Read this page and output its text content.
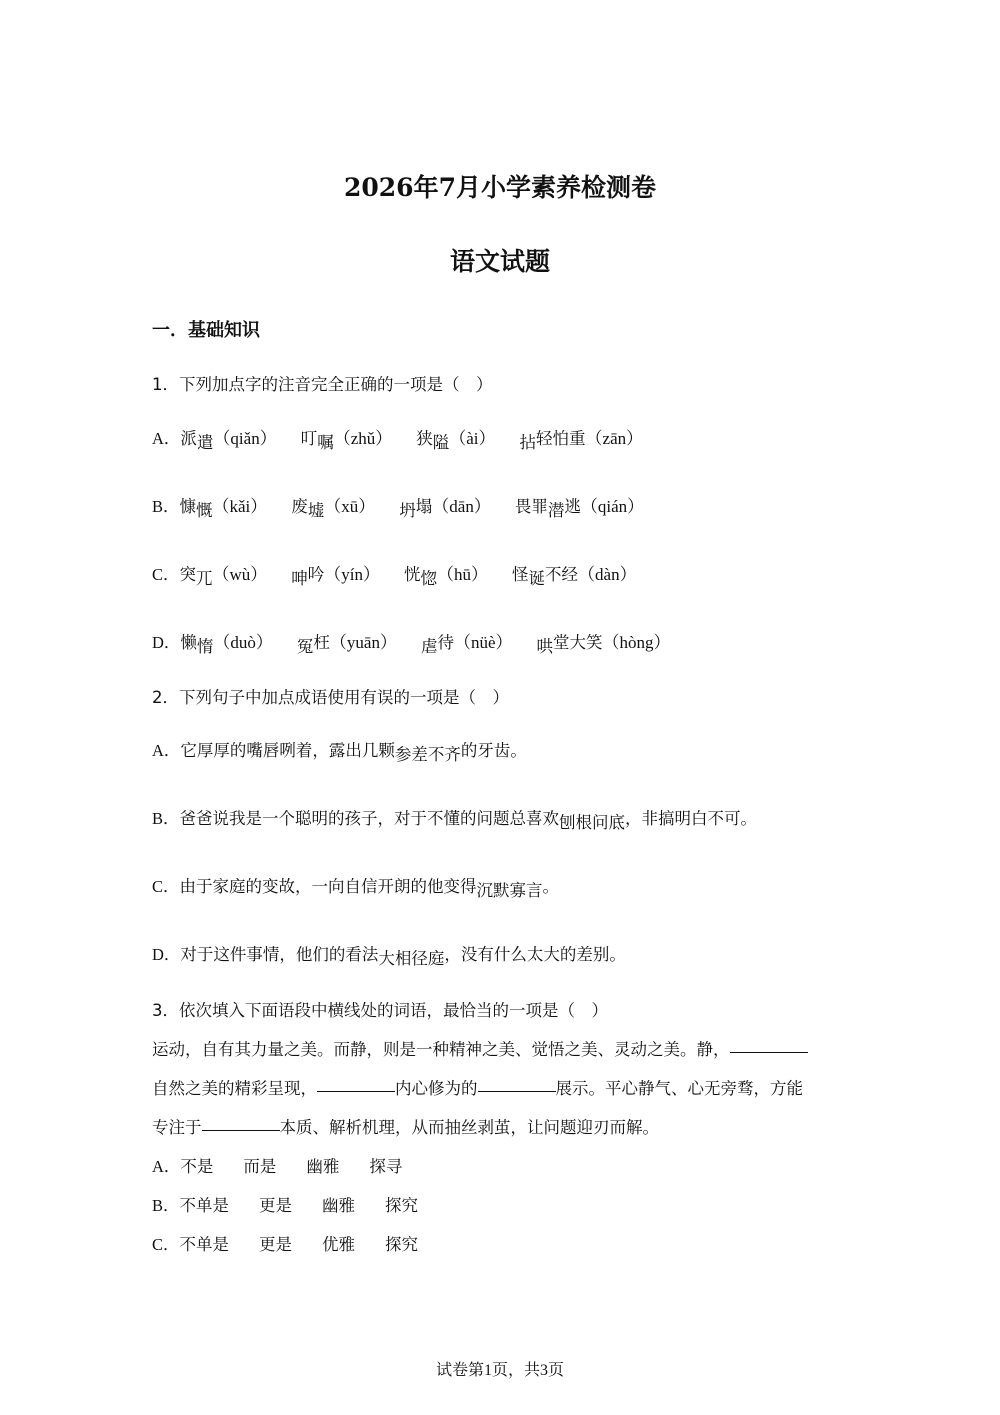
2026年7月小学素养检测卷
语文试题
一．基础知识
1．下列加点字的注音完全正确的一项是（　）
A．派遣（qiǎn） 叮嘱（zhǔ） 狭隘（ài） 拈轻怕重（zān）
B．慷慨（kǎi） 废墟（xū） 坍塌（dān） 畏罪潜逃（qián）
C．突兀（wù） 呻吟（yín） 恍惚（hū） 怪诞不经（dàn）
D．懒惰（duò） 冤枉（yuān） 虐待（nüè） 哄堂大笑（hòng）
2．下列句子中加点成语使用有误的一项是（　）
A．它厚厚的嘴唇咧着，露出几颗参差不齐的牙齿。
B．爸爸说我是一个聪明的孩子，对于不懂的问题总喜欢刨根问底，非搞明白不可。
C．由于家庭的变故，一向自信开朗的他变得沉默寡言。
D．对于这件事情，他们的看法大相径庭，没有什么太大的差别。
3．依次填入下面语段中横线处的词语，最恰当的一项是（　）
运动，自有其力量之美。而静，则是一种精神之美、觉悟之美、灵动之美。静，
自然之美的精彩呈现，	内心修为的	展示。平心静气、心无旁骛，方能
专注于	本质、解析机理，从而抽丝剥茧，让问题迎刃而解。
A．不是 而是 幽雅 探寻
B．不单是 更是 幽雅 探究
C．不单是 更是 优雅 探究
试卷第1页，共3页
